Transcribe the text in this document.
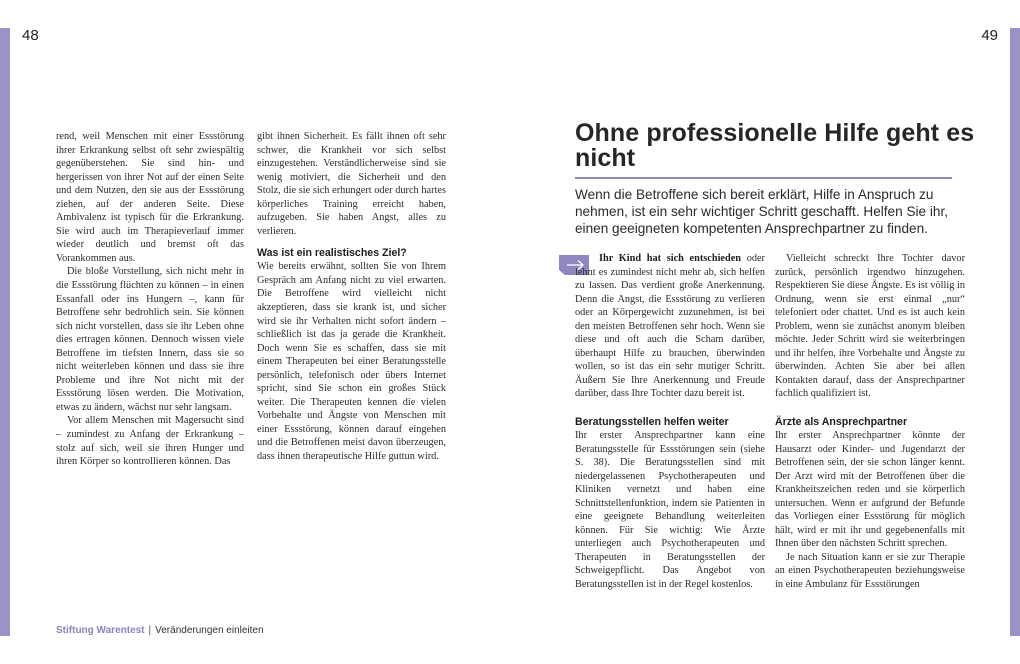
48	49

rend, weil Menschen mit einer Essstörung ihrer Erkrankung selbst oft sehr zwiespältig gegenüberstehen. Sie sind hin- und hergerissen von ihrer Not auf der einen Seite und dem Nutzen, den sie aus der Essstörung ziehen, auf der anderen Seite. Diese Ambivalenz ist typisch für die Erkrankung. Sie wird auch im Therapieverlauf immer wieder deutlich und bremst oft das Vorankommen aus.

Die bloße Vorstellung, sich nicht mehr in die Essstörung flüchten zu können – in einen Essanfall oder ins Hungern –, kann für Betroffene sehr bedrohlich sein. Sie können sich nicht vorstellen, dass sie ihr Leben ohne dies ertragen können. Dennoch wissen viele Betroffene im tiefsten Innern, dass sie so nicht weiterleben können und dass sie ihre Probleme und ihre Not nicht mit der Essstörung lösen werden. Die Motivation, etwas zu ändern, wächst nur sehr langsam.

Vor allem Menschen mit Magersucht sind – zumindest zu Anfang der Erkrankung – stolz auf sich, weil sie ihren Hunger und ihren Körper so kontrollieren können. Das

gibt ihnen Sicherheit. Es fällt ihnen oft sehr schwer, die Krankheit vor sich selbst einzugestehen. Verständlicherweise sind sie wenig motiviert, die Sicherheit und den Stolz, die sie sich erhungert oder durch hartes körperliches Training erreicht haben, aufzugeben. Sie haben Angst, alles zu verlieren.

Was ist ein realistisches Ziel?

Wie bereits erwähnt, sollten Sie von Ihrem Gespräch am Anfang nicht zu viel erwarten. Die Betroffene wird vielleicht nicht akzeptieren, dass sie krank ist, und sicher wird sie ihr Verhalten nicht sofort ändern – schließlich ist das ja gerade die Krankheit. Doch wenn Sie es schaffen, dass sie mit einem Therapeuten bei einer Beratungsstelle persönlich, telefonisch oder übers Internet spricht, sind Sie schon ein großes Stück weiter. Die Therapeuten kennen die vielen Vorbehalte und Ängste von Menschen mit einer Essstörung, können darauf eingehen und die Betroffenen meist davon überzeugen, dass ihnen therapeutische Hilfe guttun wird.

Ohne professionelle Hilfe geht es nicht
Wenn die Betroffene sich bereit erklärt, Hilfe in Anspruch zu nehmen, ist ein sehr wichtiger Schritt geschafft. Helfen Sie ihr, einen geeigneten kompetenten Ansprechpartner zu finden.

Ihr Kind hat sich entschieden oder lehnt es zumindest nicht mehr ab, sich helfen zu lassen. Das verdient große Anerkennung. Denn die Angst, die Essstörung zu verlieren oder an Körpergewicht zuzunehmen, ist bei den meisten Betroffenen sehr hoch. Wenn sie diese und oft auch die Scham darüber, überhaupt Hilfe zu brauchen, überwinden wollen, so ist das ein sehr mutiger Schritt. Äußern Sie Ihre Anerkennung und Freude darüber, dass Ihre Tochter dazu bereit ist.

Beratungsstellen helfen weiter

Ihr erster Ansprechpartner kann eine Beratungsstelle für Essstörungen sein (siehe S. 38). Die Beratungsstellen sind mit niedergelassenen Psychotherapeuten und Kliniken vernetzt und haben eine Schnittstellenfunktion, indem sie Patienten in eine geeignete Behandlung weiterleiten können. Für Sie wichtig: Wie Ärzte unterliegen auch Psychotherapeuten und Therapeuten in Beratungsstellen der Schweigepflicht. Das Angebot von Beratungsstellen ist in der Regel kostenlos.

Vielleicht schreckt Ihre Tochter davor zurück, persönlich irgendwo hinzugehen. Respektieren Sie diese Ängste. Es ist völlig in Ordnung, wenn sie erst einmal „nur“ telefoniert oder chattet. Und es ist auch kein Problem, wenn sie zunächst anonym bleiben möchte. Jeder Schritt wird sie weiterbringen und ihr helfen, ihre Vorbehalte und Ängste zu überwinden. Achten Sie aber bei allen Kontakten darauf, dass der Ansprechpartner fachlich qualifiziert ist.

Ärzte als Ansprechpartner

Ihr erster Ansprechpartner könnte der Hausarzt oder Kinder- und Jugendarzt der Betroffenen sein, der sie schon länger kennt. Der Arzt wird mit der Betroffenen über die Krankheitszeichen reden und sie körperlich untersuchen. Wenn er aufgrund der Befunde das Vorliegen einer Essstörung für möglich hält, wird er mit ihr und gegebenenfalls mit Ihnen über den nächsten Schritt sprechen.

Je nach Situation kann er sie zur Therapie an einen Psychotherapeuten beziehungsweise in eine Ambulanz für Essstörungen

Stiftung Warentest | Veränderungen einleiten
